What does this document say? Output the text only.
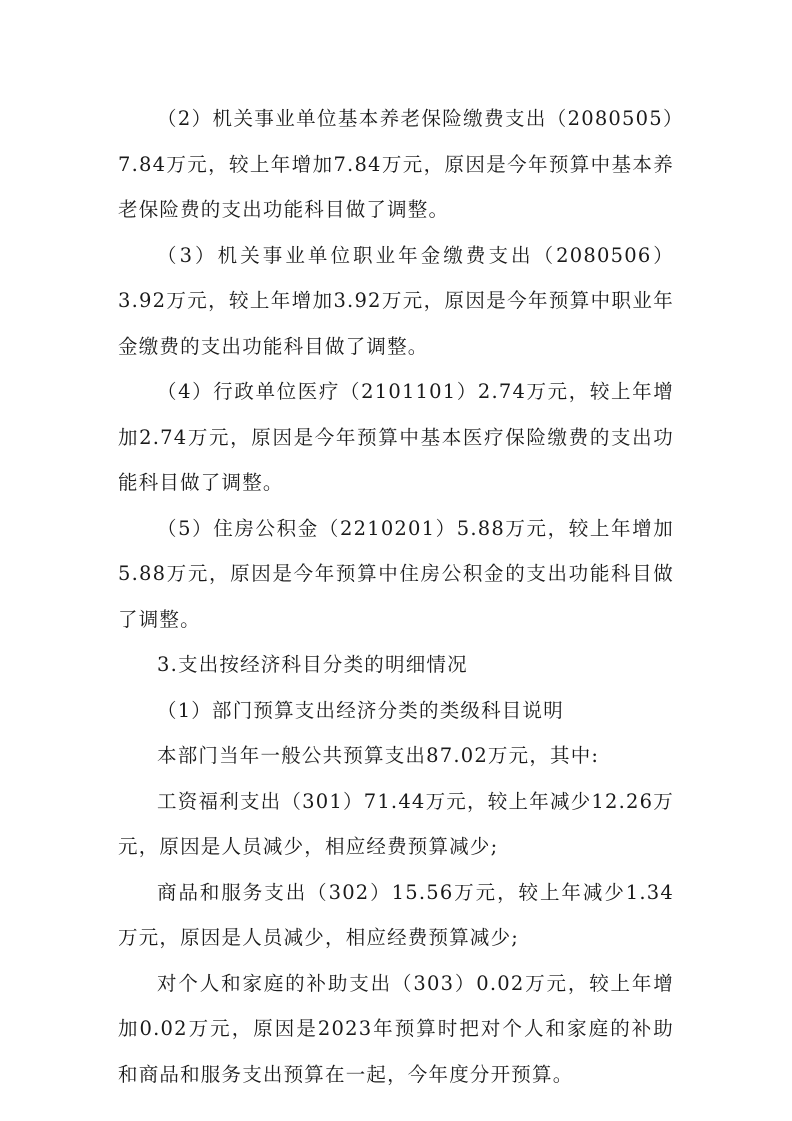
（2）机关事业单位基本养老保险缴费支出（2080505）7.84万元，较上年增加7.84万元，原因是今年预算中基本养老保险费的支出功能科目做了调整。

（3）机关事业单位职业年金缴费支出（2080506）3.92万元，较上年增加3.92万元，原因是今年预算中职业年金缴费的支出功能科目做了调整。

（4）行政单位医疗（2101101）2.74万元，较上年增加2.74万元，原因是今年预算中基本医疗保险缴费的支出功能科目做了调整。

（5）住房公积金（2210201）5.88万元，较上年增加5.88万元，原因是今年预算中住房公积金的支出功能科目做了调整。

3.支出按经济科目分类的明细情况

（1）部门预算支出经济分类的类级科目说明

本部门当年一般公共预算支出87.02万元，其中:

工资福利支出（301）71.44万元，较上年减少12.26万元，原因是人员减少，相应经费预算减少;

商品和服务支出（302）15.56万元，较上年减少1.34万元，原因是人员减少，相应经费预算减少;

对个人和家庭的补助支出（303）0.02万元，较上年增加0.02万元，原因是2023年预算时把对个人和家庭的补助和商品和服务支出预算在一起，今年度分开预算。
